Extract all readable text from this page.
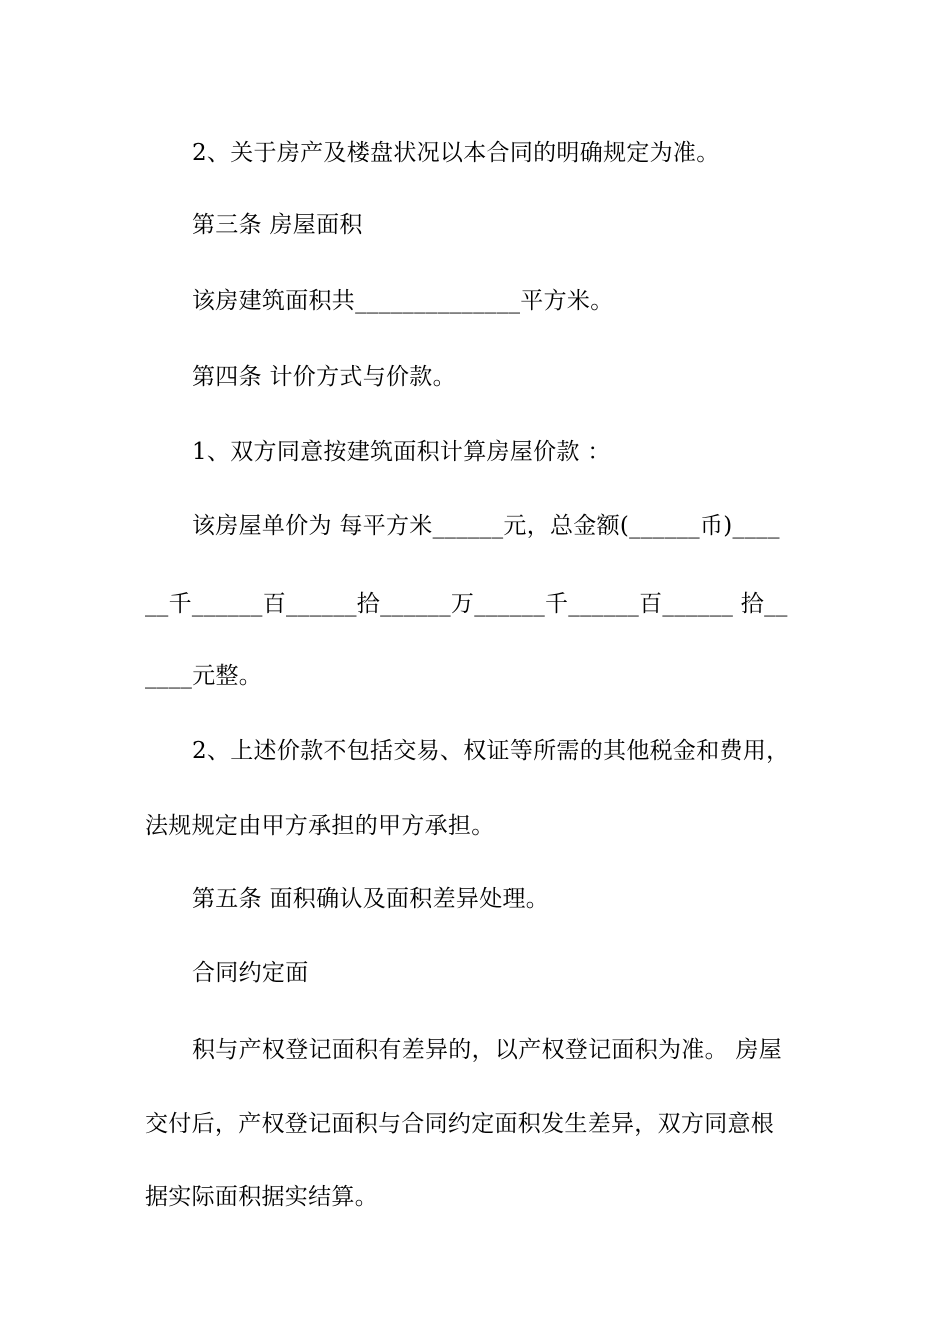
2、关于房产及楼盘状况以本合同的明确规定为准。
第三条 房屋面积
该房建筑面积共______________平方米。
第四条 计价方式与价款。
1、双方同意按建筑面积计算房屋价款 ：
该房屋单价为 每平方米______元，总金额(______币)____
__千______百______拾______万______千______百______ 拾__
____元整。
2、上述价款不包括交易、权证等所需的其他税金和费用，
法规规定由甲方承担的甲方承担。
第五条 面积确认及面积差异处理。
合同约定面
积与产权登记面积有差异的，以产权登记面积为准。 房屋
交付后，产权登记面积与合同约定面积发生差异，双方同意根
据实际面积据实结算。
